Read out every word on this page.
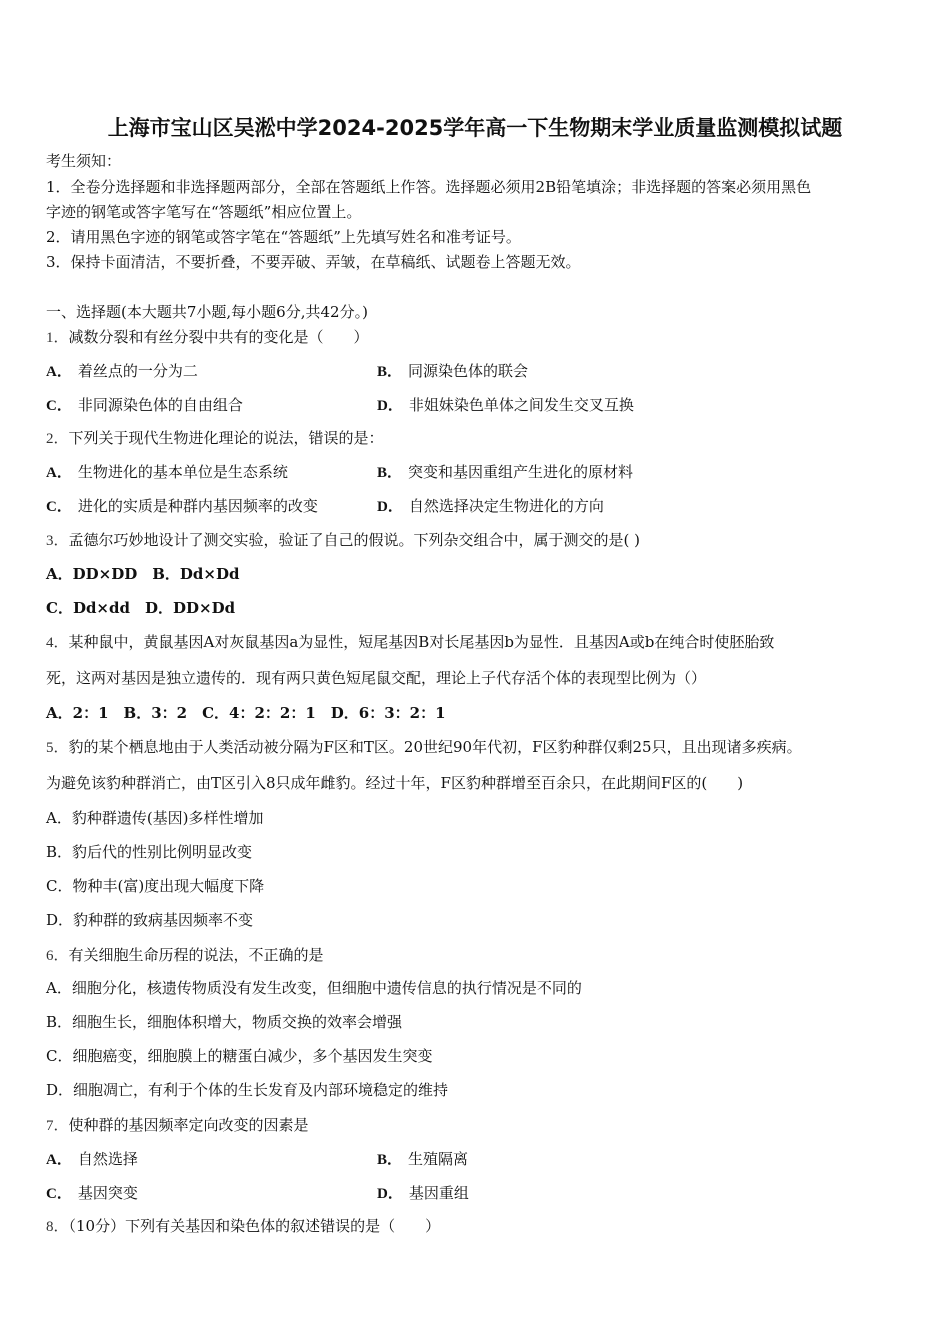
上海市宝山区吴淞中学2024-2025学年高一下生物期末学业质量监测模拟试题
考生须知：
1．全卷分选择题和非选择题两部分，全部在答题纸上作答。选择题必须用2B铅笔填涂；非选择题的答案必须用黑色
字迹的钢笔或答字笔写在“答题纸”相应位置上。
2．请用黑色字迹的钢笔或答字笔在“答题纸”上先填写姓名和准考证号。
3．保持卡面清洁，不要折叠，不要弄破、弄皱，在草稿纸、试题卷上答题无效。
一、选择题(本大题共7小题,每小题6分,共42分。)
1．减数分裂和有丝分裂中共有的变化是（　　）
A． 着丝点的一分为二	B． 同源染色体的联会
C． 非同源染色体的自由组合	D． 非姐妹染色单体之间发生交叉互换
2．下列关于现代生物进化理论的说法，错误的是：
A． 生物进化的基本单位是生态系统	B． 突变和基因重组产生进化的原材料
C． 进化的实质是种群内基因频率的改变	D． 自然选择决定生物进化的方向
3．孟德尔巧妙地设计了测交实验，验证了自己的假说。下列杂交组合中，属于测交的是( )
A．DD×DD　B．Dd×Dd
C．Dd×dd　D．DD×Dd
4．某种鼠中，黄鼠基因A对灰鼠基因a为显性，短尾基因B对长尾基因b为显性．且基因A或b在纯合时使胚胎致
死，这两对基因是独立遗传的．现有两只黄色短尾鼠交配，理论上子代存活个体的表现型比例为（）
A．2：1　B．3：2　C．4：2：2：1　D．6：3：2：1
5．豹的某个栖息地由于人类活动被分隔为F区和T区。20世纪90年代初，F区豹种群仅剩25只，且出现诸多疾病。
为避免该豹种群消亡，由T区引入8只成年雌豹。经过十年，F区豹种群增至百余只，在此期间F区的(　　)
A．豹种群遗传(基因)多样性增加
B．豹后代的性别比例明显改变
C．物种丰(富)度出现大幅度下降
D．豹种群的致病基因频率不变
6．有关细胞生命历程的说法，不正确的是
A．细胞分化，核遗传物质没有发生改变，但细胞中遗传信息的执行情况是不同的
B．细胞生长，细胞体积增大，物质交换的效率会增强
C．细胞癌变，细胞膜上的糖蛋白减少，多个基因发生突变
D．细胞凋亡，有利于个体的生长发育及内部环境稳定的维持
7．使种群的基因频率定向改变的因素是
A． 自然选择	B． 生殖隔离
C． 基因突变	D． 基因重组
8．（10分）下列有关基因和染色体的叙述错误的是（　　）
